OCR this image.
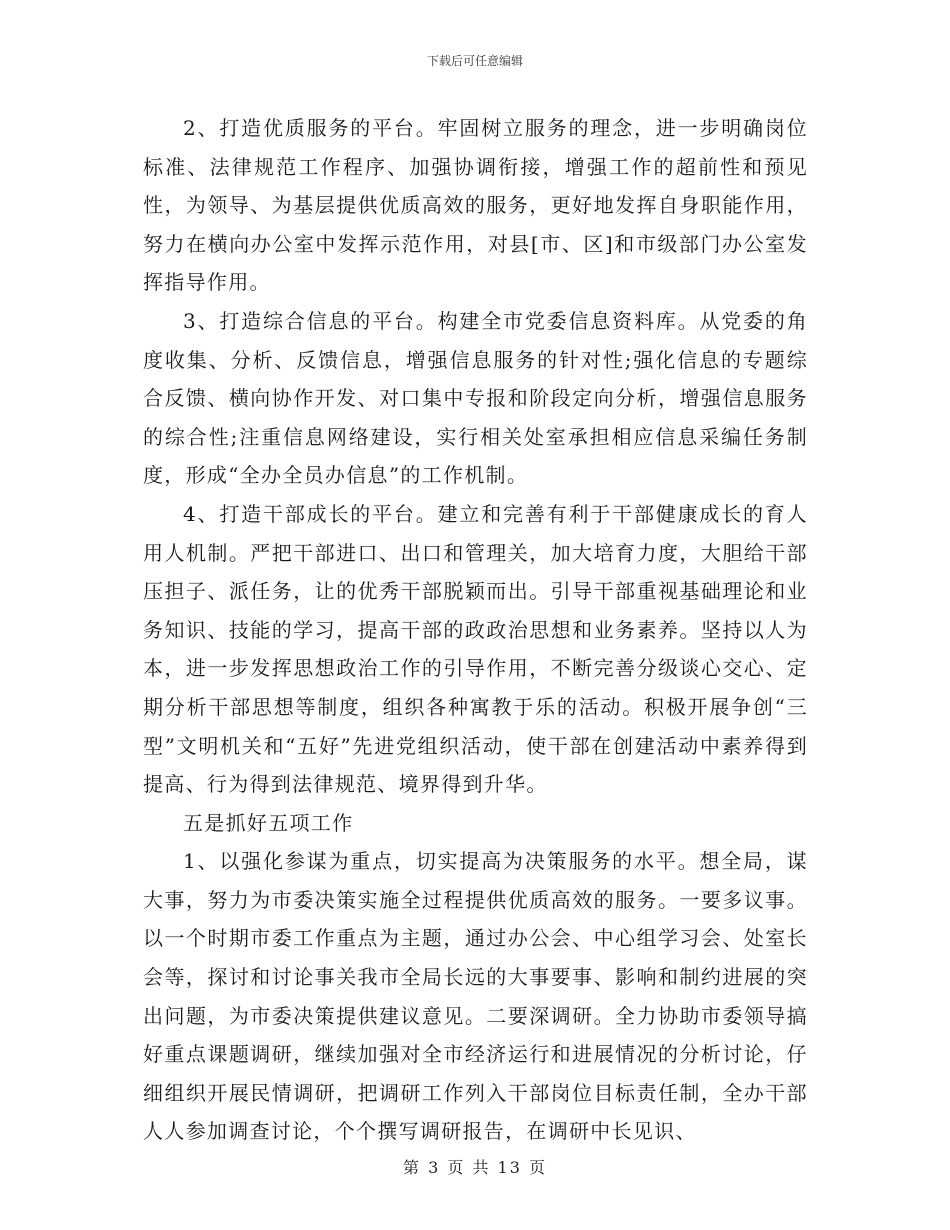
下载后可任意编辑

2、打造优质服务的平台。牢固树立服务的理念，进一步明确岗位标准、法律规范工作程序、加强协调衔接，增强工作的超前性和预见性，为领导、为基层提供优质高效的服务，更好地发挥自身职能作用，努力在横向办公室中发挥示范作用，对县[市、区]和市级部门办公室发挥指导作用。

3、打造综合信息的平台。构建全市党委信息资料库。从党委的角度收集、分析、反馈信息，增强信息服务的针对性;强化信息的专题综合反馈、横向协作开发、对口集中专报和阶段定向分析，增强信息服务的综合性;注重信息网络建设，实行相关处室承担相应信息采编任务制度，形成“全办全员办信息”的工作机制。

4、打造干部成长的平台。建立和完善有利于干部健康成长的育人用人机制。严把干部进口、出口和管理关，加大培育力度，大胆给干部压担子、派任务，让的优秀干部脱颖而出。引导干部重视基础理论和业务知识、技能的学习，提高干部的政政治思想和业务素养。坚持以人为本，进一步发挥思想政治工作的引导作用，不断完善分级谈心交心、定期分析干部思想等制度，组织各种寓教于乐的活动。积极开展争创“三型”文明机关和“五好”先进党组织活动，使干部在创建活动中素养得到提高、行为得到法律规范、境界得到升华。

五是抓好五项工作

1、以强化参谋为重点，切实提高为决策服务的水平。想全局，谋大事，努力为市委决策实施全过程提供优质高效的服务。一要多议事。以一个时期市委工作重点为主题，通过办公会、中心组学习会、处室长会等，探讨和讨论事关我市全局长远的大事要事、影响和制约进展的突出问题，为市委决策提供建议意见。二要深调研。全力协助市委领导搞好重点课题调研，继续加强对全市经济运行和进展情况的分析讨论，仔细组织开展民情调研，把调研工作列入干部岗位目标责任制，全办干部人人参加调查讨论，个个撰写调研报告，在调研中长见识、

第 3 页 共 13 页
